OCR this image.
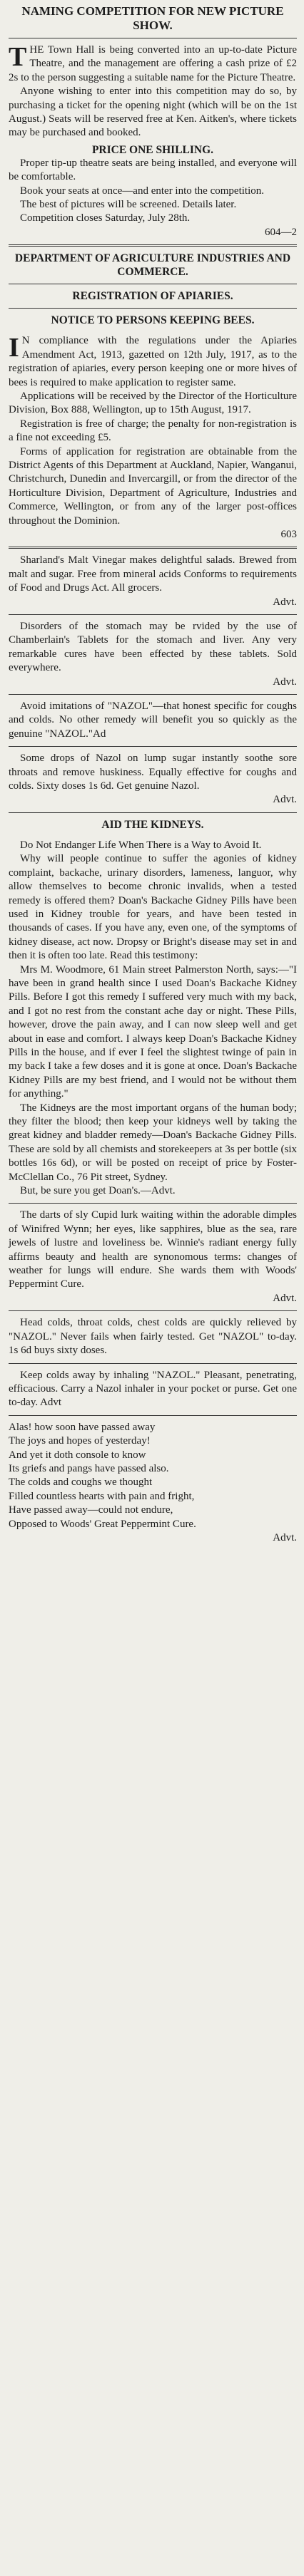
NAMING COMPETITION FOR NEW PICTURE SHOW.

THE Town Hall is being converted into an up-to-date Picture Theatre, and the management are offering a cash prize of £2 2s to the person suggesting a suitable name for the Picture Theatre.

Anyone wishing to enter into this competition may do so, by purchasing a ticket for the opening night (which will be on the 1st August.) Seats will be reserved free at Ken. Aitken's, where tickets may be purchased and booked.

PRICE ONE SHILLING.

Proper tip-up theatre seats are being installed, and everyone will be comfortable.

Book your seats at once—and enter into the competition.

The best of pictures will be screened. Details later.

Competition closes Saturday, July 28th.

604—2

DEPARTMENT OF AGRICULTURE INDUSTRIES AND COMMERCE.
REGISTRATION OF APIARIES.
NOTICE TO PERSONS KEEPING BEES.

I N compliance with the regulations under the Apiaries Amendment Act, 1913, gazetted on 12th July, 1917, as to the registration of apiaries, every person keeping one or more hives of bees is required to make application to register same.

Applications will be received by the Director of the Horticulture Division, Box 888, Wellington, up to 15th August, 1917.

Registration is free of charge; the penalty for non-registration is a fine not exceeding £5.

Forms of application for registration are obtainable from the District Agents of this Department at Auckland, Napier, Wanganui, Christchurch, Dunedin and Invercargill, or from the director of the Horticulture Division, Department of Agriculture, Industries and Commerce, Wellington, or from any of the larger post-offices throughout the Dominion.

603

Sharland's Malt Vinegar makes delightful salads. Brewed from malt and sugar. Free from mineral acids Conforms to requirements of Food and Drugs Act. All grocers.

Advt.

Disorders of the stomach may be rvided by the use of Chamberlain's Tablets for the stomach and liver. Any very remarkable cures have been effected by these tablets. Sold everywhere.

Advt.

Avoid imitations of "NAZOL"—that honest specific for coughs and colds. No other remedy will benefit you so quickly as the genuine "NAZOL."Ad

Some drops of Nazol on lump sugar instantly soothe sore throats and remove huskiness. Equally effective for coughs and colds. Sixty doses 1s 6d. Get genuine Nazol.

Advt.

AID THE KIDNEYS.

Do Not Endanger Life When There is a Way to Avoid It.

Why will people continue to suffer the agonies of kidney complaint, backache, urinary disorders, lameness, languor, why allow themselves to become chronic invalids, when a tested remedy is offered them? Doan's Backache Gidney Pills have been used in Kidney trouble for years, and have been tested in thousands of cases. If you have any, even one, of the symptoms of kidney disease, act now. Dropsy or Bright's disease may set in and then it is often too late. Read this testimony:

Mrs M. Woodmore, 61 Main street Palmerston North, says:—"I have been in grand health since I used Doan's Backache Kidney Pills. Before I got this remedy I suffered very much with my back, and I got no rest from the constant ache day or night. These Pills, however, drove the pain away, and I can now sleep well and get about in ease and comfort. I always keep Doan's Backache Kidney Pills in the house, and if ever I feel the slightest twinge of pain in my back I take a few doses and it is gone at once. Doan's Backache Kidney Pills are my best friend, and I would not be without them for anything."

The Kidneys are the most important organs of the human body; they filter the blood; then keep your kidneys well by taking the great kidney and bladder remedy—Doan's Backache Gidney Pills. These are sold by all chemists and storekeepers at 3s per bottle (six bottles 16s 6d), or will be posted on receipt of price by Foster-McClellan Co., 76 Pit street, Sydney.

But, be sure you get Doan's.—Advt.

The darts of sly Cupid lurk waiting within the adorable dimples of Winifred Wynn; her eyes, like sapphires, blue as the sea, rare jewels of lustre and loveliness be. Winnie's radiant energy fully affirms beauty and health are synonomous terms: changes of weather for lungs will endure. She wards them with Woods' Peppermint Cure.

Advt.

Head colds, throat colds, chest colds are quickly relieved by "NAZOL." Never fails when fairly tested. Get "NAZOL" to-day. 1s 6d buys sixty doses.

Keep colds away by inhaling "NAZOL." Pleasant, penetrating, efficacious. Carry a Nazol inhaler in your pocket or purse. Get one to-day. Advt

Alas! how soon have passed away

The joys and hopes of yesterday!

And yet it doth console to know

Its griefs and pangs have passed also.

The colds and coughs we thought

Filled countless hearts with pain and fright,

Have passed away—could not endure,

Opposed to Woods' Great Peppermint Cure.

Advt.
